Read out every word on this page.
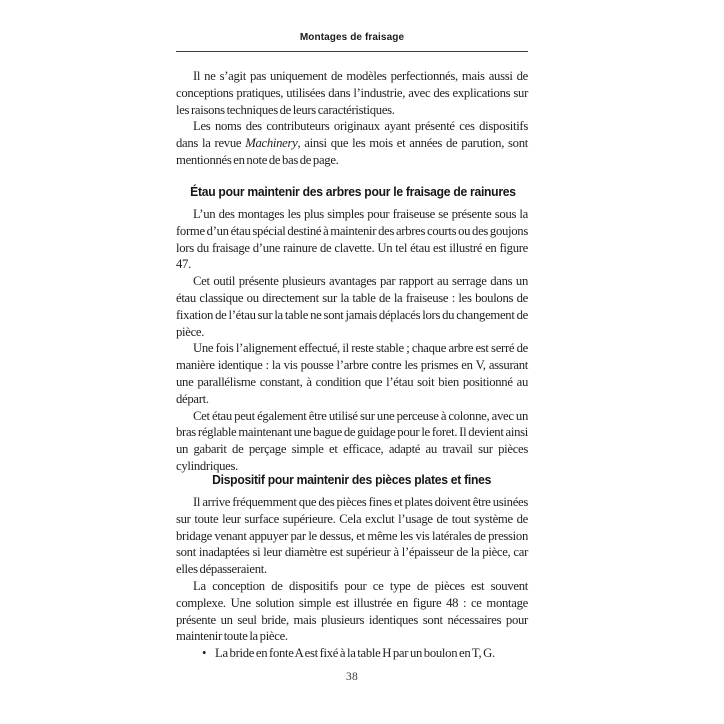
Montages de fraisage

Il ne s’agit pas uniquement de modèles perfectionnés, mais aussi de conceptions pratiques, utilisées dans l’industrie, avec des explications sur les raisons techniques de leurs caractéristiques.

Les noms des contributeurs originaux ayant présenté ces dispositifs dans la revue Machinery, ainsi que les mois et années de parution, sont mentionnés en note de bas de page.

Étau pour maintenir des arbres pour le fraisage de rainures

L’un des montages les plus simples pour fraiseuse se présente sous la forme d’un étau spécial destiné à maintenir des arbres courts ou des goujons lors du fraisage d’une rainure de clavette. Un tel étau est illustré en figure 47.

Cet outil présente plusieurs avantages par rapport au serrage dans un étau classique ou directement sur la table de la fraiseuse : les boulons de fixation de l’étau sur la table ne sont jamais déplacés lors du changement de pièce.

Une fois l’alignement effectué, il reste stable ; chaque arbre est serré de manière identique : la vis pousse l’arbre contre les prismes en V, assurant une parallélisme constant, à condition que l’étau soit bien positionné au départ.

Cet étau peut également être utilisé sur une perceuse à colonne, avec un bras réglable maintenant une bague de guidage pour le foret. Il devient ainsi un gabarit de perçage simple et efficace, adapté au travail sur pièces cylindriques.

Dispositif pour maintenir des pièces plates et fines

Il arrive fréquemment que des pièces fines et plates doivent être usinées sur toute leur surface supérieure. Cela exclut l’usage de tout système de bridage venant appuyer par le dessus, et même les vis latérales de pression sont inadaptées si leur diamètre est supérieur à l’épaisseur de la pièce, car elles dépasseraient.

La conception de dispositifs pour ce type de pièces est souvent complexe. Une solution simple est illustrée en figure 48 : ce montage présente un seul bride, mais plusieurs identiques sont nécessaires pour maintenir toute la pièce.

• La bride en fonte A est fixé à la table H par un boulon en T, G.

38
